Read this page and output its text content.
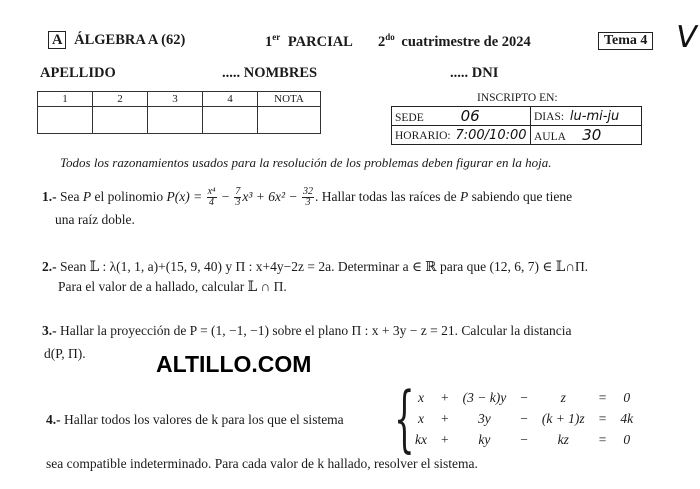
A ÁLGEBRA A (62)	1er PARCIAL $2^{do}$ cuatrimestre de 2024	Tema 4 V
APELLIDO	..... NOMBRES	..... DNI
1	2	3	4	NOTA
					INSCRIPTO EN:
SEDE 06	DIAS: lu-mi-ju
HORARIO: 7:00/10:00	AULA 30
Todos los razonamientos usados para la resolución de los problemas deben figurar en la hoja.
1.- Sea P el polinomio $P(x) = \frac{\text{x⁴}}{4} - \frac{7}{3} x^3 + 6x^2 - \frac{32}{3}$ . Hallar todas las raíces de P sabiendo que tiene
una raíz doble.
2.- Sean 𝕃 : λ(1, 1, a)+(15, 9, 40) y Π : x+4y−2z = 2a. Determinar a ∈ ℝ para que (12, 6, 7) ∈ 𝕃∩Π.
Para el valor de a hallado, calcular 𝕃 ∩ Π.
3.- Hallar la proyección de P = (1, −1, −1) sobre el plano Π : x + 3y − z = 21. Calcular la distancia
d(P, Π).	ALTILLO.COM
4.- Hallar todos los valores de k para los que el sistema { x	+	(3 − k)y	−	z	=	0
x	+	3y	−	(k + 1)z	=	4k
kx	+	ky	−	kz	=	0
sea compatible indeterminado. Para cada valor de k hallado, resolver el sistema.
